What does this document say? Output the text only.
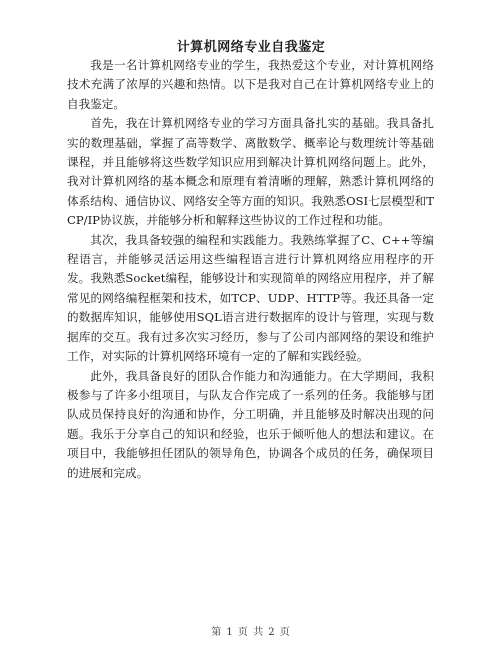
计算机网络专业自我鉴定

我是一名计算机网络专业的学生，我热爱这个专业，对计算机网络技术充满了浓厚的兴趣和热情。以下是我对自己在计算机网络专业上的自我鉴定。

首先，我在计算机网络专业的学习方面具备扎实的基础。我具备扎实的数理基础，掌握了高等数学、离散数学、概率论与数理统计等基础课程，并且能够将这些数学知识应用到解决计算机网络问题上。此外，我对计算机网络的基本概念和原理有着清晰的理解，熟悉计算机网络的体系结构、通信协议、网络安全等方面的知识。我熟悉OSI七层模型和TCP/IP协议族，并能够分析和解释这些协议的工作过程和功能。

其次，我具备较强的编程和实践能力。我熟练掌握了C、C++等编程语言，并能够灵活运用这些编程语言进行计算机网络应用程序的开发。我熟悉Socket编程，能够设计和实现简单的网络应用程序，并了解常见的网络编程框架和技术，如TCP、UDP、HTTP等。我还具备一定的数据库知识，能够使用SQL语言进行数据库的设计与管理，实现与数据库的交互。我有过多次实习经历，参与了公司内部网络的架设和维护工作，对实际的计算机网络环境有一定的了解和实践经验。

此外，我具备良好的团队合作能力和沟通能力。在大学期间，我积极参与了许多小组项目，与队友合作完成了一系列的任务。我能够与团队成员保持良好的沟通和协作，分工明确，并且能够及时解决出现的问题。我乐于分享自己的知识和经验，也乐于倾听他人的想法和建议。在项目中，我能够担任团队的领导角色，协调各个成员的任务，确保项目的进展和完成。

第 1 页 共 2 页
